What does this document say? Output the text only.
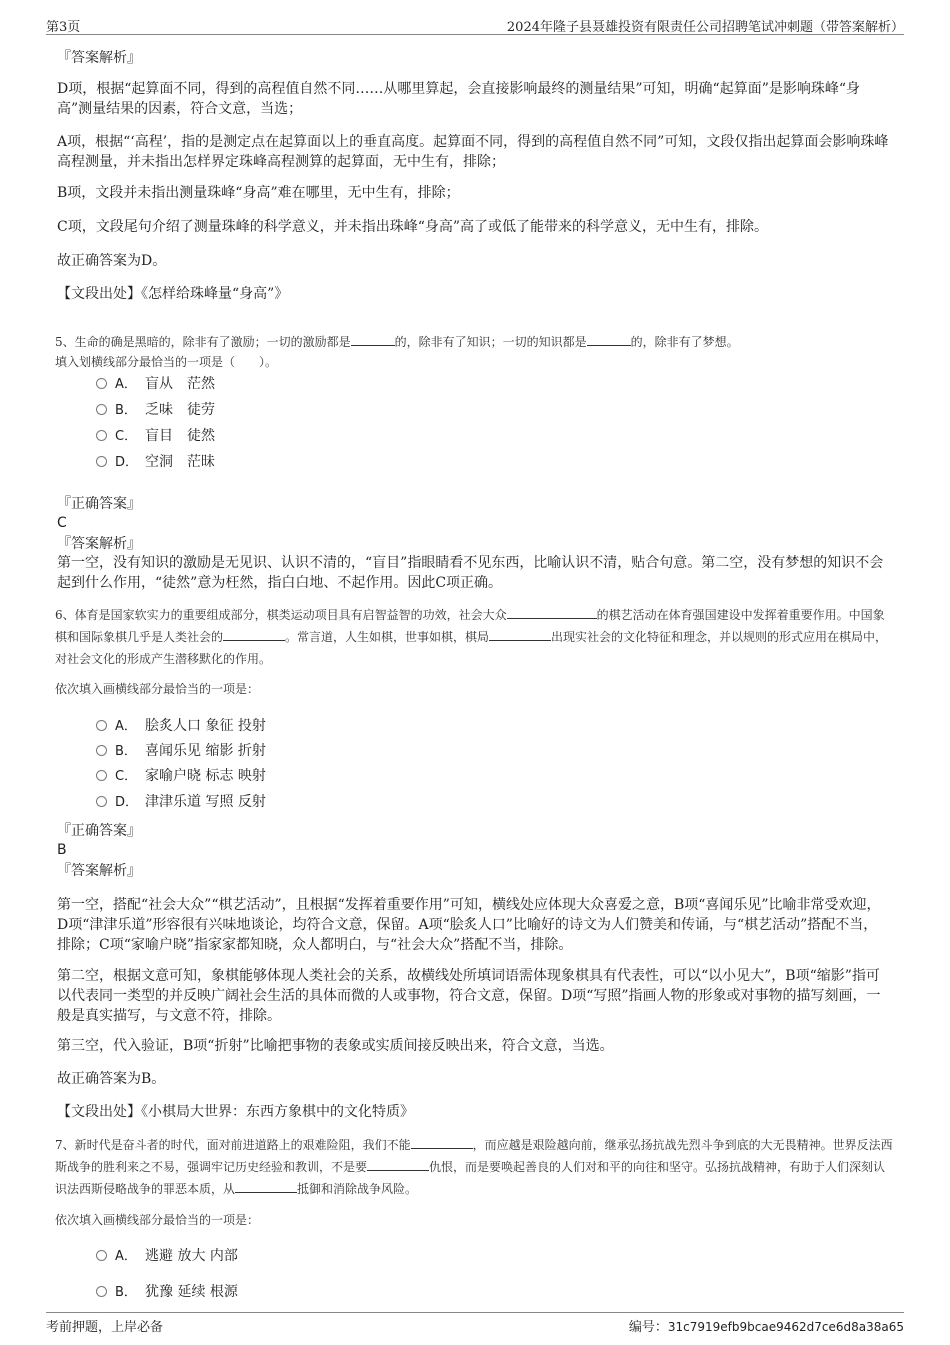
第3页	2024年隆子县聂雄投资有限责任公司招聘笔试冲刺题（带答案解析）

『答案解析』

D项，根据“起算面不同，得到的高程值自然不同……从哪里算起，会直接影响最终的测量结果”可知，明确“起算面”是影响珠峰“身高”测量结果的因素，符合文意，当选；

A项，根据“‘高程’，指的是测定点在起算面以上的垂直高度。起算面不同，得到的高程值自然不同”可知，文段仅指出起算面会影响珠峰高程测量，并未指出怎样界定珠峰高程测算的起算面，无中生有，排除；

B项，文段并未指出测量珠峰“身高”难在哪里，无中生有，排除；

C项，文段尾句介绍了测量珠峰的科学意义，并未指出珠峰“身高”高了或低了能带来的科学意义，无中生有，排除。

故正确答案为D。

【文段出处】《怎样给珠峰量“身高”》

5、生命的确是黑暗的，除非有了激励；一切的激励都是	的，除非有了知识；一切的知识都是	的，除非有了梦想。

填入划横线部分最恰当的一项是（　　）。

A． 盲从　茫然
B． 乏味　徒劳
C． 盲目　徒然
D． 空洞　茫昧

『正确答案』

C

『答案解析』

第一空，没有知识的激励是无见识、认识不清的，“盲目”指眼睛看不见东西，比喻认识不清，贴合句意。第二空，没有梦想的知识不会起到什么作用，“徒然”意为枉然，指白白地、不起作用。因此C项正确。

6、体育是国家软实力的重要组成部分，棋类运动项目具有启智益智的功效，社会大众	的棋艺活动在体育强国建设中发挥着重要作用。中国象棋和国际象棋几乎是人类社会的	。常言道，人生如棋，世事如棋，棋局	出现实社会的文化特征和理念，并以规则的形式应用在棋局中，对社会文化的形成产生潜移默化的作用。

依次填入画横线部分最恰当的一项是：

A． 脍炙人口 象征 投射
B． 喜闻乐见 缩影 折射
C． 家喻户晓 标志 映射
D． 津津乐道 写照 反射

『正确答案』

B

『答案解析』

第一空，搭配“社会大众”“棋艺活动”，且根据“发挥着重要作用”可知，横线处应体现大众喜爱之意，B项“喜闻乐见”比喻非常受欢迎，D项“津津乐道”形容很有兴味地谈论，均符合文意，保留。A项“脍炙人口”比喻好的诗文为人们赞美和传诵，与“棋艺活动”搭配不当，排除；C项“家喻户晓”指家家都知晓，众人都明白，与“社会大众”搭配不当，排除。

第二空，根据文意可知，象棋能够体现人类社会的关系，故横线处所填词语需体现象棋具有代表性，可以“以小见大”，B项“缩影”指可以代表同一类型的并反映广阔社会生活的具体而微的人或事物，符合文意，保留。D项“写照”指画人物的形象或对事物的描写刻画，一般是真实描写，与文意不符，排除。

第三空，代入验证，B项“折射”比喻把事物的表象或实质间接反映出来，符合文意，当选。

故正确答案为B。

【文段出处】《小棋局大世界：东西方象棋中的文化特质》

7、新时代是奋斗者的时代，面对前进道路上的艰难险阻，我们不能	，而应越是艰险越向前，继承弘扬抗战先烈斗争到底的大无畏精神。世界反法西斯战争的胜利来之不易，强调牢记历史经验和教训，不是要	仇恨，而是要唤起善良的人们对和平的向往和坚守。弘扬抗战精神，有助于人们深刻认识法西斯侵略战争的罪恶本质，从	抵御和消除战争风险。

依次填入画横线部分最恰当的一项是：

A． 逃避 放大 内部
B． 犹豫 延续 根源
考前押题，上岸必备	编号：31c7919efb9bcae9462d7ce6d8a38a65
